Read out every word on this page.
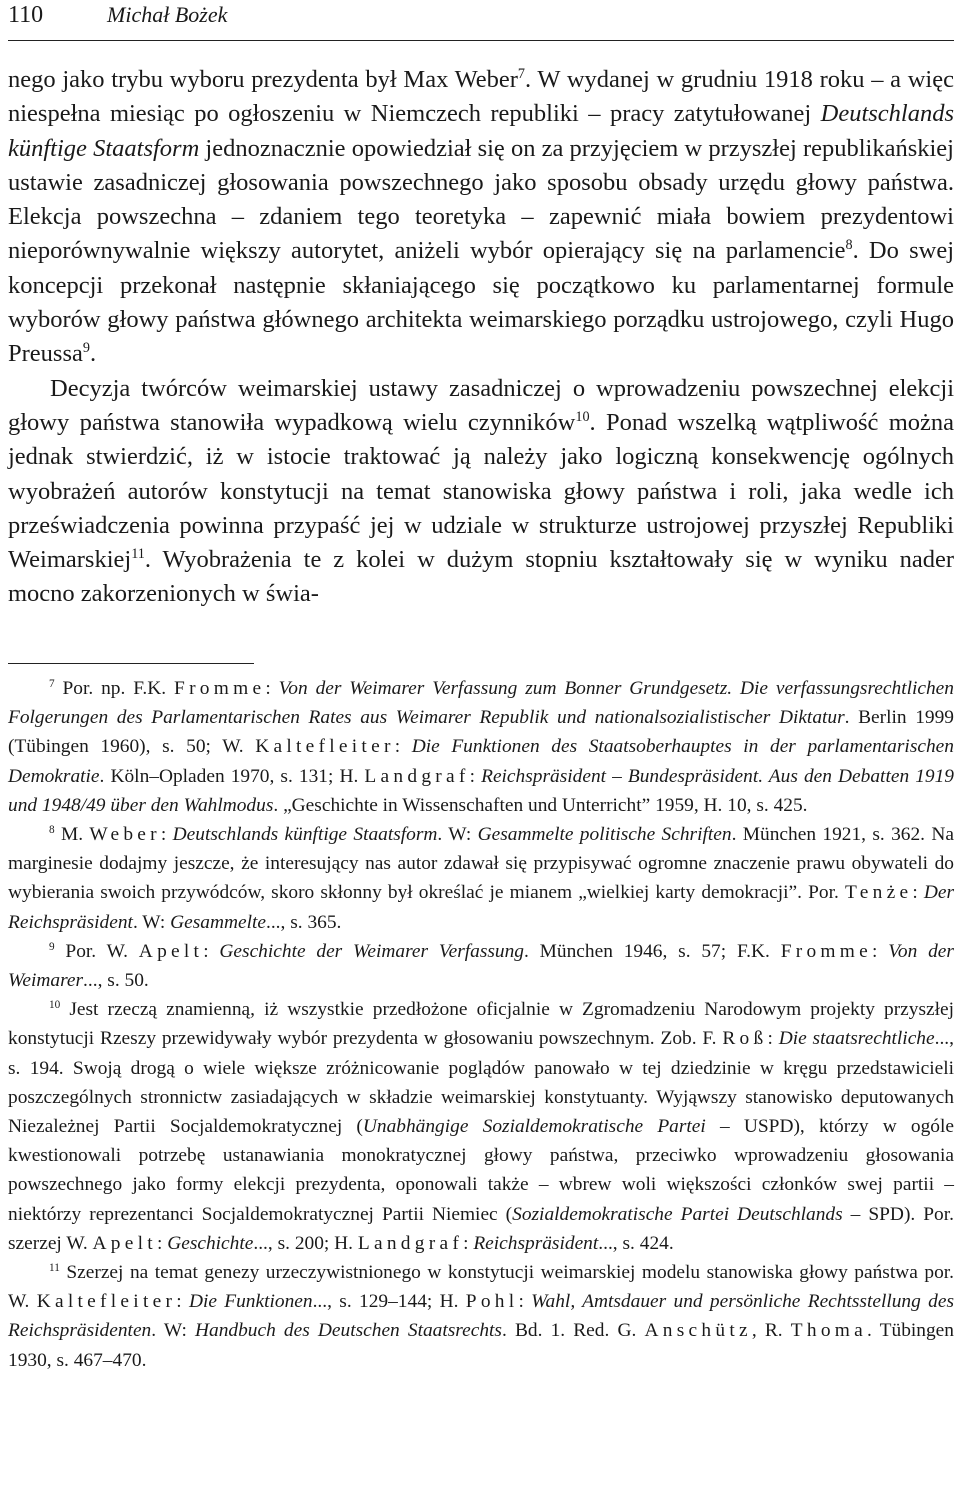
110	Michał Bożek

nego jako trybu wyboru prezydenta był Max Weber$^7$. W wydanej w grudniu 1918 roku – a więc niespełna miesiąc po ogłoszeniu w Niemczech republiki – pracy zatytułowanej Deutschlands künftige Staatsform jednoznacznie opowiedział się on za przyjęciem w przyszłej republikańskiej ustawie zasadniczej głosowania powszechnego jako sposobu obsady urzędu głowy państwa. Elekcja powszechna – zdaniem tego teoretyka – zapewnić miała bowiem prezydentowi nieporównywalnie większy autorytet, aniżeli wybór opierający się na parlamencie$^8$. Do swej koncepcji przekonał następnie skłaniającego się początkowo ku parlamentarnej formule wyborów głowy państwa głównego architekta weimarskiego porządku ustrojowego, czyli Hugo Preussa$^9$.

Decyzja twórców weimarskiej ustawy zasadniczej o wprowadzeniu powszechnej elekcji głowy państwa stanowiła wypadkową wielu czynników$^{10}$. Ponad wszelką wątpliwość można jednak stwierdzić, iż w istocie traktować ją należy jako logiczną konsekwencję ogólnych wyobrażeń autorów konstytucji na temat stanowiska głowy państwa i roli, jaka wedle ich przeświadczenia powinna przypaść jej w udziale w strukturze ustrojowej przyszłej Republiki Weimarskiej$^{11}$. Wyobrażenia te z kolei w dużym stopniu kształtowały się w wyniku nader mocno zakorzenionych w świa-

$^7$ Por. np. F.K. Fromme: Von der Weimarer Verfassung zum Bonner Grundgesetz. Die verfassungsrechtlichen Folgerungen des Parlamentarischen Rates aus Weimarer Republik und nationalsozialistischer Diktatur. Berlin 1999 (Tübingen 1960), s. 50; W. Kaltefleiter: Die Funktionen des Staatsoberhauptes in der parlamentarischen Demokratie. Köln–Opladen 1970, s. 131; H. Landgraf: Reichspräsident – Bundespräsident. Aus den Debatten 1919 und 1948/49 über den Wahlmodus. „Geschichte in Wissenschaften und Unterricht” 1959, H. 10, s. 425.

$^8$ M. Weber: Deutschlands künftige Staatsform. W: Gesammelte politische Schriften. München 1921, s. 362. Na marginesie dodajmy jeszcze, że interesujący nas autor zdawał się przypisywać ogromne znaczenie prawu obywateli do wybierania swoich przywódców, skoro skłonny był określać je mianem „wielkiej karty demokracji”. Por. Tenże: Der Reichspräsident. W: Gesammelte..., s. 365.

$^9$ Por. W. Apelt: Geschichte der Weimarer Verfassung. München 1946, s. 57; F.K. Fromme: Von der Weimarer..., s. 50.

$^{10}$ Jest rzeczą znamienną, iż wszystkie przedłożone oficjalnie w Zgromadzeniu Narodowym projekty przyszłej konstytucji Rzeszy przewidywały wybór prezydenta w głosowaniu powszechnym. Zob. F. Roß: Die staatsrechtliche..., s. 194. Swoją drogą o wiele większe zróżnicowanie poglądów panowało w tej dziedzinie w kręgu przedstawicieli poszczególnych stronnictw zasiadających w składzie weimarskiej konstytuanty. Wyjąwszy stanowisko deputowanych Niezależnej Partii Socjaldemokratycznej (Unabhängige Sozialdemokratische Partei – USPD), którzy w ogóle kwestionowali potrzebę ustanawiania monokratycznej głowy państwa, przeciwko wprowadzeniu głosowania powszechnego jako formy elekcji prezydenta, oponowali także – wbrew woli większości członków swej partii – niektórzy reprezentanci Socjaldemokratycznej Partii Niemiec (Sozialdemokratische Partei Deutschlands – SPD). Por. szerzej W. Apelt: Geschichte..., s. 200; H. Landgraf: Reichspräsident..., s. 424.

$^{11}$ Szerzej na temat genezy urzeczywistnionego w konstytucji weimarskiej modelu stanowiska głowy państwa por. W. Kaltefleiter: Die Funktionen..., s. 129–144; H. Pohl: Wahl, Amtsdauer und persönliche Rechtsstellung des Reichspräsidenten. W: Handbuch des Deutschen Staatsrechts. Bd. 1. Red. G. Anschütz, R. Thoma. Tübingen 1930, s. 467–470.
